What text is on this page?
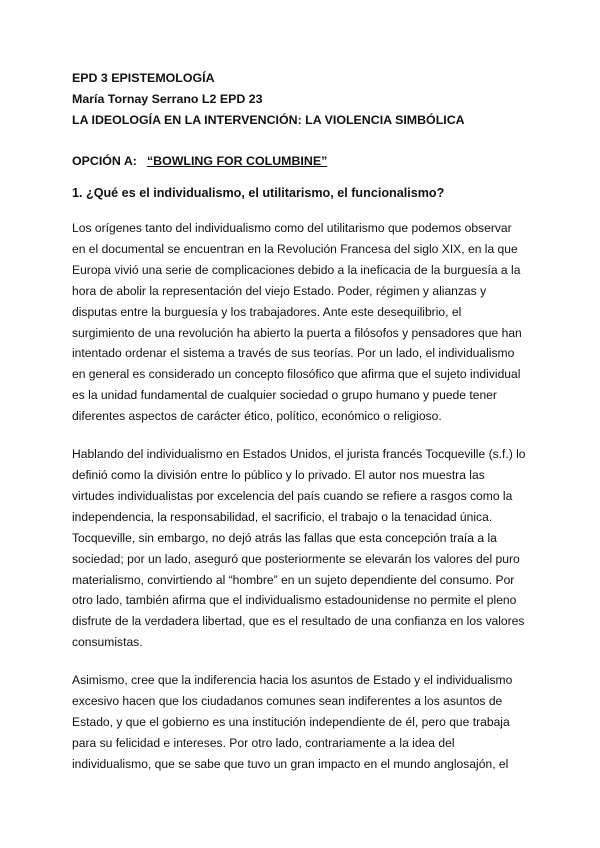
EPD 3 EPISTEMOLOGÍA

María Tornay Serrano L2 EPD 23

LA IDEOLOGÍA EN LA INTERVENCIÓN: LA VIOLENCIA SIMBÓLICA

OPCIÓN A: “BOWLING FOR COLUMBINE”
1. ¿Qué es el individualismo, el utilitarismo, el funcionalismo?
Los orígenes tanto del individualismo como del utilitarismo que podemos observar
en el documental se encuentran en la Revolución Francesa del siglo XIX, en la que
Europa vivió una serie de complicaciones debido a la ineficacia de la burguesía a la
hora de abolir la representación del viejo Estado. Poder, régimen y alianzas y
disputas entre la burguesía y los trabajadores. Ante este desequilibrio, el
surgimiento de una revolución ha abierto la puerta a filósofos y pensadores que han
intentado ordenar el sistema a través de sus teorías. Por un lado, el individualismo
en general es considerado un concepto filosófico que afirma que el sujeto individual
es la unidad fundamental de cualquier sociedad o grupo humano y puede tener
diferentes aspectos de carácter ético, político, económico o religioso.
Hablando del individualismo en Estados Unidos, el jurista francés Tocqueville (s.f.) lo
definió como la división entre lo público y lo privado. El autor nos muestra las
virtudes individualistas por excelencia del país cuando se refiere a rasgos como la
independencia, la responsabilidad, el sacrificio, el trabajo o la tenacidad única.
Tocqueville, sin embargo, no dejó atrás las fallas que esta concepción traía a la
sociedad; por un lado, aseguró que posteriormente se elevarán los valores del puro
materialismo, convirtiendo al “hombre” en un sujeto dependiente del consumo. Por
otro lado, también afirma que el individualismo estadounidense no permite el pleno
disfrute de la verdadera libertad, que es el resultado de una confianza en los valores
consumistas.
Asimismo, cree que la indiferencia hacia los asuntos de Estado y el individualismo
excesivo hacen que los ciudadanos comunes sean indiferentes a los asuntos de
Estado, y que el gobierno es una institución independiente de él, pero que trabaja
para su felicidad e intereses. Por otro lado, contrariamente a la idea del
individualismo, que se sabe que tuvo un gran impacto en el mundo anglosajón, el
